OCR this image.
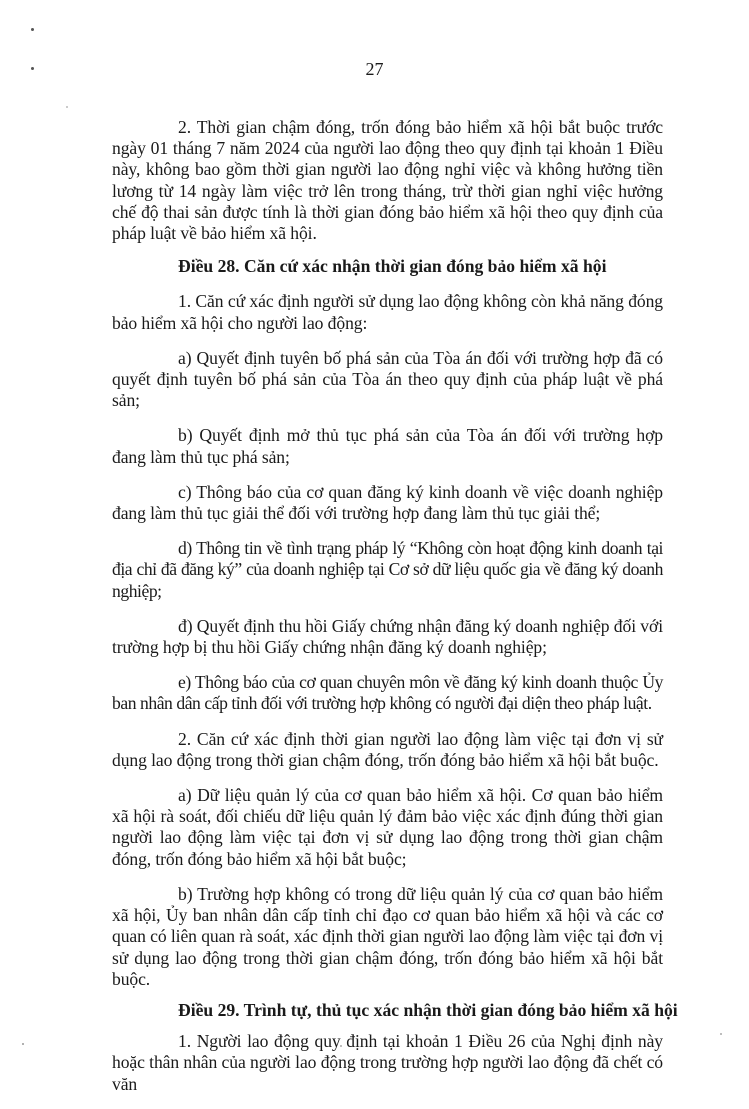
27

2. Thời gian chậm đóng, trốn đóng bảo hiểm xã hội bắt buộc trước ngày 01 tháng 7 năm 2024 của người lao động theo quy định tại khoản 1 Điều này, không bao gồm thời gian người lao động nghỉ việc và không hưởng tiền lương từ 14 ngày làm việc trở lên trong tháng, trừ thời gian nghỉ việc hưởng chế độ thai sản được tính là thời gian đóng bảo hiểm xã hội theo quy định của pháp luật về bảo hiểm xã hội.

Điều 28. Căn cứ xác nhận thời gian đóng bảo hiểm xã hội

1. Căn cứ xác định người sử dụng lao động không còn khả năng đóng bảo hiểm xã hội cho người lao động:

a) Quyết định tuyên bố phá sản của Tòa án đối với trường hợp đã có quyết định tuyên bố phá sản của Tòa án theo quy định của pháp luật về phá sản;

b) Quyết định mở thủ tục phá sản của Tòa án đối với trường hợp đang làm thủ tục phá sản;

c) Thông báo của cơ quan đăng ký kinh doanh về việc doanh nghiệp đang làm thủ tục giải thể đối với trường hợp đang làm thủ tục giải thể;

d) Thông tin về tình trạng pháp lý “Không còn hoạt động kinh doanh tại địa chỉ đã đăng ký” của doanh nghiệp tại Cơ sở dữ liệu quốc gia về đăng ký doanh nghiệp;

đ) Quyết định thu hồi Giấy chứng nhận đăng ký doanh nghiệp đối với trường hợp bị thu hồi Giấy chứng nhận đăng ký doanh nghiệp;

e) Thông báo của cơ quan chuyên môn về đăng ký kinh doanh thuộc Ủy ban nhân dân cấp tỉnh đối với trường hợp không có người đại diện theo pháp luật.

2. Căn cứ xác định thời gian người lao động làm việc tại đơn vị sử dụng lao động trong thời gian chậm đóng, trốn đóng bảo hiểm xã hội bắt buộc.

a) Dữ liệu quản lý của cơ quan bảo hiểm xã hội. Cơ quan bảo hiểm xã hội rà soát, đối chiếu dữ liệu quản lý đảm bảo việc xác định đúng thời gian người lao động làm việc tại đơn vị sử dụng lao động trong thời gian chậm đóng, trốn đóng bảo hiểm xã hội bắt buộc;

b) Trường hợp không có trong dữ liệu quản lý của cơ quan bảo hiểm xã hội, Ủy ban nhân dân cấp tỉnh chỉ đạo cơ quan bảo hiểm xã hội và các cơ quan có liên quan rà soát, xác định thời gian người lao động làm việc tại đơn vị sử dụng lao động trong thời gian chậm đóng, trốn đóng bảo hiểm xã hội bắt buộc.

Điều 29. Trình tự, thủ tục xác nhận thời gian đóng bảo hiểm xã hội

1. Người lao động quy định tại khoản 1 Điều 26 của Nghị định này hoặc thân nhân của người lao động trong trường hợp người lao động đã chết có văn
